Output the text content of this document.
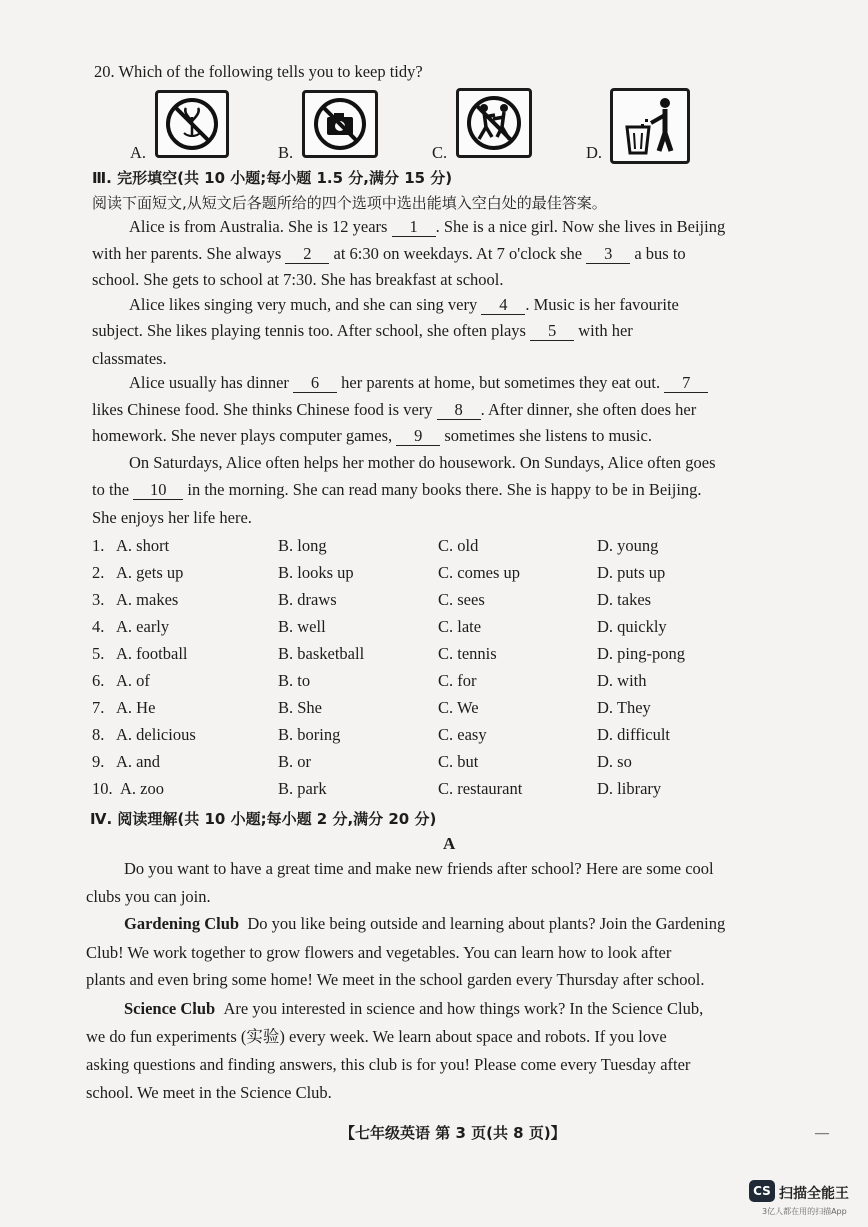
20. Which of the following tells you to keep tidy?
A.	B.	C.	D.
Ⅲ. 完形填空(共 10 小题;每小题 1.5 分,满分 15 分)
阅读下面短文,从短文后各题所给的四个选项中选出能填入空白处的最佳答案。
Alice is from Australia. She is 12 years 1 . She is a nice girl. Now she lives in Beijing
with her parents. She always 2 at 6:30 on weekdays. At 7 o'clock she 3 a bus to
school. She gets to school at 7:30. She has breakfast at school.
Alice likes singing very much, and she can sing very 4 . Music is her favourite
subject. She likes playing tennis too. After school, she often plays 5 with her
classmates.
Alice usually has dinner 6 her parents at home, but sometimes they eat out. 7
likes Chinese food. She thinks Chinese food is very 8 . After dinner, she often does her
homework. She never plays computer games, 9 sometimes she listens to music.
On Saturdays, Alice often helps her mother do housework. On Sundays, Alice often goes
to the 10 in the morning. She can read many books there. She is happy to be in Beijing.
She enjoys her life here.
1. A. short	B. long	C. old	D. young
2. A. gets up	B. looks up	C. comes up	D. puts up
3. A. makes	B. draws	C. sees	D. takes
4. A. early	B. well	C. late	D. quickly
5. A. football	B. basketball	C. tennis	D. ping-pong
6. A. of	B. to	C. for	D. with
7. A. He	B. She	C. We	D. They
8. A. delicious	B. boring	C. easy	D. difficult
9. A. and	B. or	C. but	D. so
10. A. zoo	B. park	C. restaurant	D. library
Ⅳ. 阅读理解(共 10 小题;每小题 2 分,满分 20 分)
A
Do you want to have a great time and make new friends after school? Here are some cool
clubs you can join.
Gardening Club Do you like being outside and learning about plants? Join the Gardening
Club! We work together to grow flowers and vegetables. You can learn how to look after
plants and even bring some home! We meet in the school garden every Thursday after school.
Science Club Are you interested in science and how things work? In the Science Club,
we do fun experiments (实验) every week. We learn about space and robots. If you love
asking questions and finding answers, this club is for you! Please come every Tuesday after
school. We meet in the Science Club.
【七年级英语 第 3 页(共 8 页)】	—
CS 扫描全能王
3亿人都在用的扫描App
